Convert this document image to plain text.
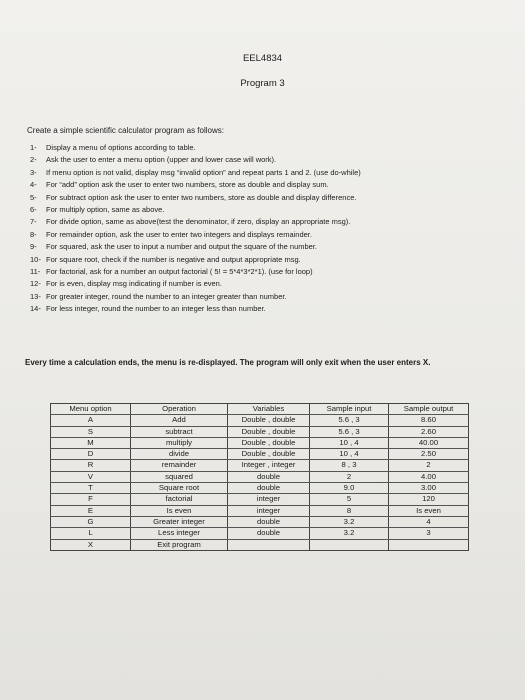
EEL4834
Program 3
Create a simple scientific calculator program as follows:
1- Display a menu of options according to table.
2- Ask the user to enter a menu option (upper and lower case will work).
3- If menu option is not valid, display msg “invalid option” and repeat parts 1 and 2. (use do-while)
4- For “add” option ask the user to enter two numbers, store as double and display sum.
5- For subtract option ask the user to enter two numbers, store as double and display difference.
6- For multiply option, same as above.
7- For divide option, same as above(test the denominator, if zero, display an appropriate msg).
8- For remainder option, ask the user to enter two integers and displays remainder.
9- For squared, ask the user to input a number and output the square of the number.
10- For square root, check if the number is negative and output appropriate msg.
11- For factorial, ask for a number an output factorial ( 5! = 5*4*3*2*1). (use for loop)
12- For is even, display msg indicating if number is even.
13- For greater integer, round the number to an integer greater than number.
14- For less integer, round the number to an integer less than number.
Every time a calculation ends, the menu is re-displayed. The program will only exit when the user enters X.
Menu option	Operation	Variables	Sample input	Sample output
A	Add	Double , double	5.6 , 3	8.60
S	subtract	Double , double	5.6 , 3	2.60
M	multiply	Double , double	10 , 4	40.00
D	divide	Double , double	10 , 4	2.50
R	remainder	Integer , integer	8 , 3	2
V	squared	double	2	4.00
T	Square root	double	9.0	3.00
F	factorial	integer	5	120
E	Is even	integer	8	Is even
G	Greater integer	double	3.2	4
L	Less integer	double	3.2	3
X	Exit program			
